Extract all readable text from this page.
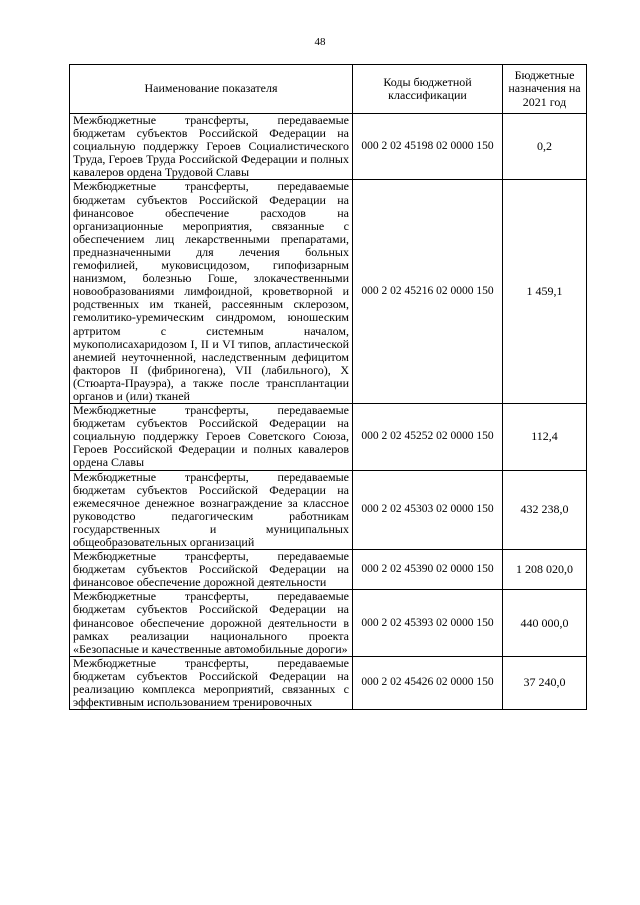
48
Наименование показателя	Коды бюджетной классификации	Бюджетные назначения на 2021 год
Межбюджетные трансферты, передаваемые бюджетам субъектов Российской Федерации на социальную поддержку Героев Социалистического Труда, Героев Труда Российской Федерации и полных кавалеров ордена Трудовой Славы	000 2 02 45198 02 0000 150	0,2
Межбюджетные трансферты, передаваемые бюджетам субъектов Российской Федерации на финансовое обеспечение расходов на организационные мероприятия, связанные с обеспечением лиц лекарственными препаратами, предназначенными для лечения больных гемофилией, муковисцидозом, гипофизарным нанизмом, болезнью Гоше, злокачественными новообразованиями лимфоидной, кроветворной и родственных им тканей, рассеянным склерозом, гемолитико-уремическим синдромом, юношеским артритом с системным началом, мукополисахаридозом I, II и VI типов, апластической анемией неуточненной, наследственным дефицитом факторов II (фибриногена), VII (лабильного), X (Стюарта-Прауэра), а также после трансплантации органов и (или) тканей	000 2 02 45216 02 0000 150	1 459,1
Межбюджетные трансферты, передаваемые бюджетам субъектов Российской Федерации на социальную поддержку Героев Советского Союза, Героев Российской Федерации и полных кавалеров ордена Славы	000 2 02 45252 02 0000 150	112,4
Межбюджетные трансферты, передаваемые бюджетам субъектов Российской Федерации на ежемесячное денежное вознаграждение за классное руководство педагогическим работникам государственных и муниципальных общеобразовательных организаций	000 2 02 45303 02 0000 150	432 238,0
Межбюджетные трансферты, передаваемые бюджетам субъектов Российской Федерации на финансовое обеспечение дорожной деятельности	000 2 02 45390 02 0000 150	1 208 020,0
Межбюджетные трансферты, передаваемые бюджетам субъектов Российской Федерации на финансовое обеспечение дорожной деятельности в рамках реализации национального проекта «Безопасные и качественные автомобильные дороги»	000 2 02 45393 02 0000 150	440 000,0

Межбюджетные трансферты, передаваемые бюджетам субъектов Российской Федерации на реализацию комплекса мероприятий, связанных с эффективным использованием тренировочных	000 2 02 45426 02 0000 150	37 240,0
